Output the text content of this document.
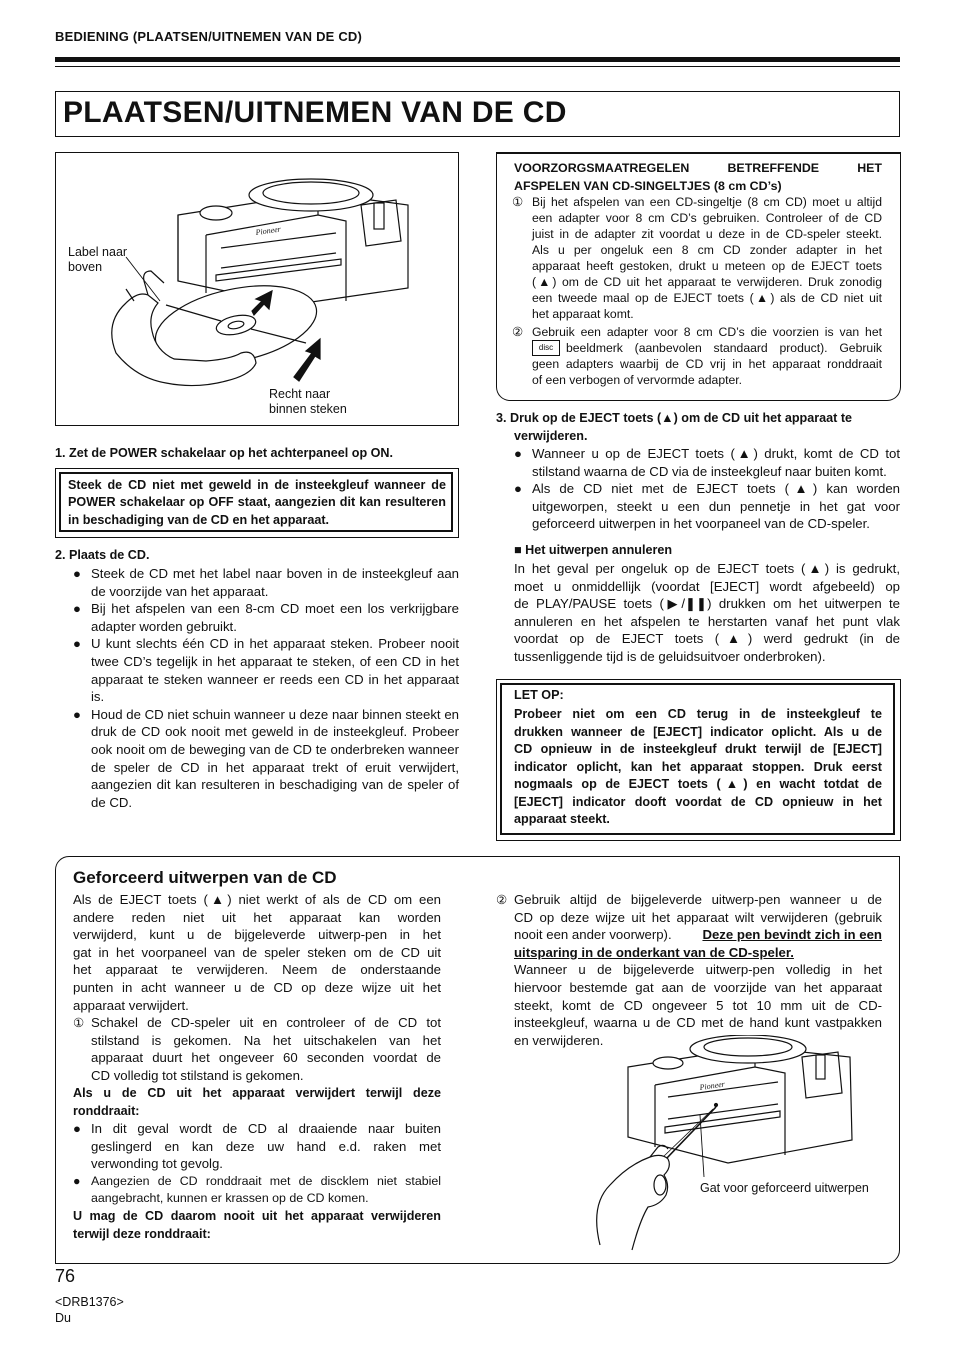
BEDIENING (PLAATSEN/UITNEMEN VAN DE CD)
PLAATSEN/UITNEMEN VAN DE CD
Pioneer
Label naar
boven
Recht naar
binnen steken
1. Zet de POWER schakelaar op het achterpaneel op ON.
Steek de CD niet met geweld in de insteekgleuf wanneer de POWER schakelaar op OFF staat, aangezien dit kan resulteren in beschadiging van de CD en het apparaat.
2. Plaats de CD.
● Steek de CD met het label naar boven in de insteekgleuf aan de voorzijde van het apparaat.
● Bij het afspelen van een 8-cm CD moet een los verkrijgbare adapter worden gebruikt.
● U kunt slechts één CD in het apparaat steken. Probeer nooit twee CD’s tegelijk in het apparaat te steken, of een CD in het apparaat te steken wanneer er reeds een CD in het apparaat is.
● Houd de CD niet schuin wanneer u deze naar binnen steekt en druk de CD ook nooit met geweld in de insteekgleuf. Probeer ook nooit om de beweging van de CD te onderbreken wanneer de speler de CD in het apparaat trekt of eruit verwijdert, aangezien dit kan resulteren in beschadiging van de speler of de CD.
VOORZORGSMAATREGELEN BETREFFENDE HET
AFSPELEN VAN CD-SINGELTJES (8 cm CD’s)
① Bij het afspelen van een CD-singeltje (8 cm CD) moet u altijd
een adapter voor 8 cm CD’s gebruiken. Controleer of de CD
juist in de adapter zit voordat u deze in de CD-speler steekt.
Als u per ongeluk een 8 cm CD zonder adapter in het
apparaat heeft gestoken, drukt u meteen op de EJECT toets
(▲) om de CD uit het apparaat te verwijderen. Druk zonodig
een tweede maal op de EJECT toets (▲) als de CD niet uit
het apparaat komt.
② Gebruik een adapter voor 8 cm CD’s die voorzien is van het
disc	beeldmerk (aanbevolen standaard product). Gebruik
geen adapters waarbij de CD vrij in het apparaat ronddraait
of een verbogen of vervormde adapter.
3. Druk op de EJECT toets (▲) om de CD uit het apparaat te
verwijderen.
● Wanneer u op de EJECT toets (▲) drukt, komt de CD tot
stilstand waarna de CD via de insteekgleuf naar buiten komt.
● Als de CD niet met de EJECT toets (▲) kan worden
uitgeworpen, steekt u een dun pennetje in het gat voor
geforceerd uitwerpen in het voorpaneel van de CD-speler.
■ Het uitwerpen annuleren
In het geval per ongeluk op de EJECT toets (▲) is gedrukt,
moet u onmiddellijk (voordat [EJECT] wordt afgebeeld) op
de PLAY/PAUSE toets (▶/❚❚) drukken om het uitwerpen te
annuleren en het afspelen te herstarten vanaf het punt vlak
voordat op de EJECT toets (▲) werd gedrukt (in de
tussenliggende tijd is de geluidsuitvoer onderbroken).
LET OP:
Probeer niet om een CD terug in de insteekgleuf te
drukken wanneer de [EJECT] indicator oplicht. Als u de
CD opnieuw in de insteekgleuf drukt terwijl de [EJECT]
indicator oplicht, kan het apparaat stoppen. Druk eerst
nogmaals op de EJECT toets (▲) en wacht totdat de
[EJECT] indicator dooft voordat de CD opnieuw in het
apparaat steekt.
Geforceerd uitwerpen van de CD
Als de EJECT toets (▲) niet werkt of als de CD om een
andere reden niet uit het apparaat kan worden
verwijderd, kunt u de bijgeleverde uitwerp-pen in het
gat in het voorpaneel van de speler steken om de CD uit
het apparaat te verwijderen. Neem de onderstaande
punten in acht wanneer u de CD op deze wijze uit het
apparaat verwijdert.
① Schakel de CD-speler uit en controleer of de CD tot
stilstand is gekomen. Na het uitschakelen van het
apparaat duurt het ongeveer 60 seconden voordat de
CD volledig tot stilstand is gekomen.
Als u de CD uit het apparaat verwijdert terwijl deze
ronddraait:
● In dit geval wordt de CD al draaiende naar buiten
geslingerd en kan deze uw hand e.d. raken met
verwonding tot gevolg.
● Aangezien de CD ronddraait met de discklem niet stabiel
aangebracht, kunnen er krassen op de CD komen.
U mag de CD daarom nooit uit het apparaat verwijderen
terwijl deze ronddraait:
② Gebruik altijd de bijgeleverde uitwerp-pen wanneer u de
CD op deze wijze uit het apparaat wilt verwijderen (gebruik
nooit een ander voorwerp). Deze pen bevindt zich in een
uitsparing in de onderkant van de CD-speler.
Wanneer u de bijgeleverde uitwerp-pen volledig in het
hiervoor bestemde gat aan de voorzijde van het apparaat
steekt, komt de CD ongeveer 5 tot 10 mm uit de CD-
insteekgleuf, waarna u de CD met de hand kunt vastpakken
en verwijderen.
Pioneer
Gat voor geforceerd uitwerpen
76
<DRB1376>
Du
